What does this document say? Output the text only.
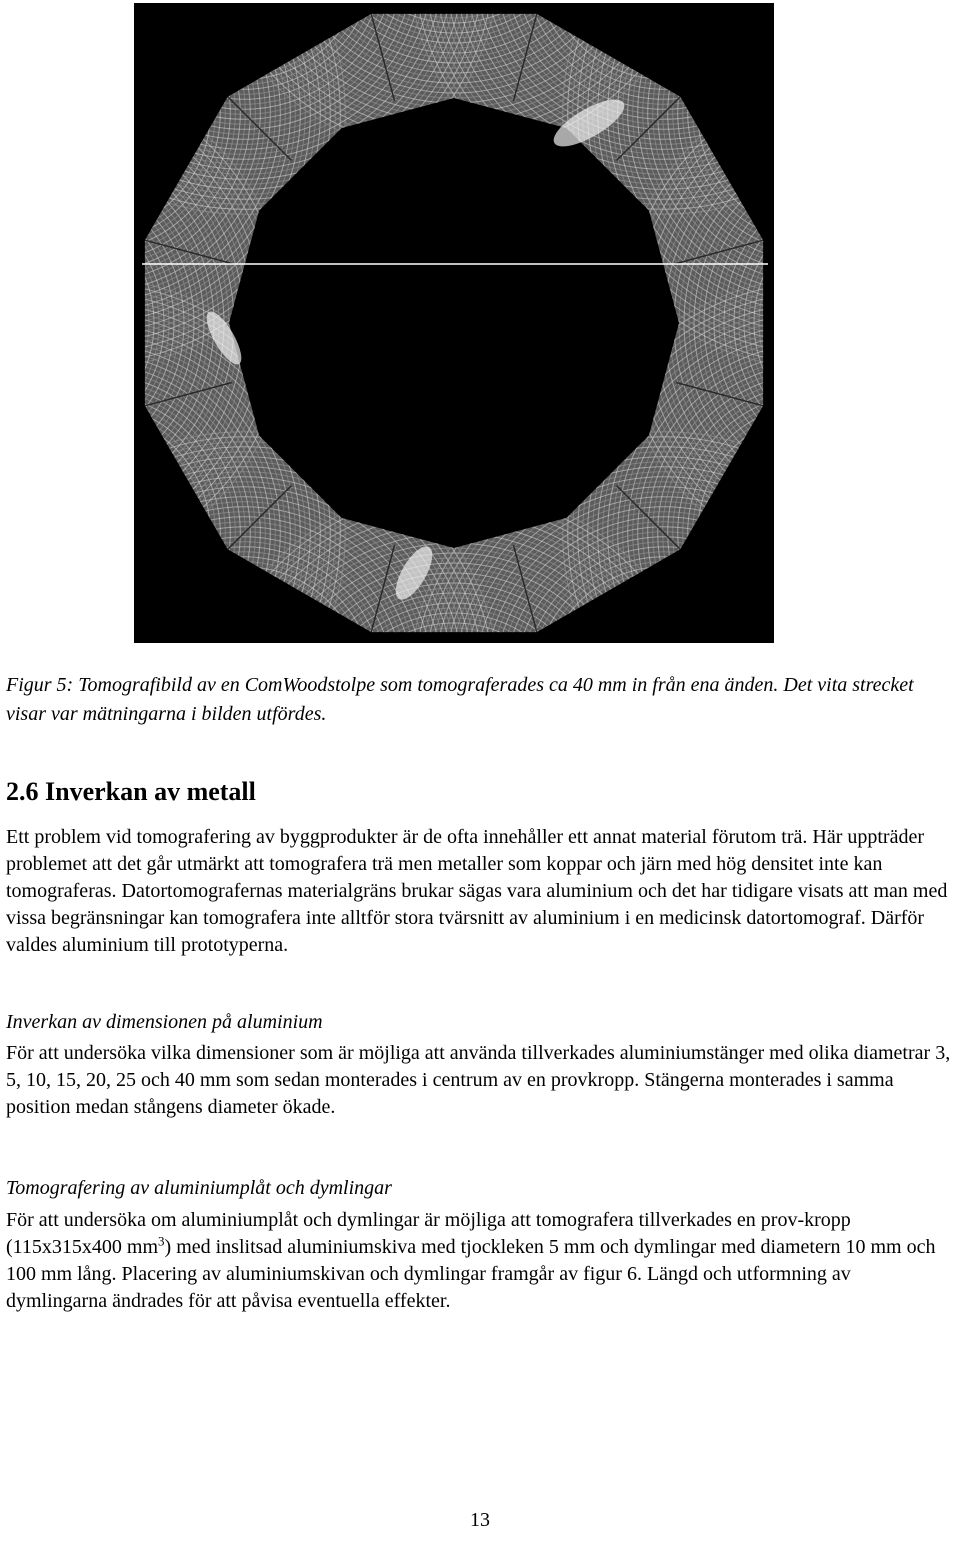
Figur 5: Tomografibild av en ComWoodstolpe som tomograferades ca 40 mm in från ena änden. Det vita strecket visar var mätningarna i bilden utfördes.

2.6 Inverkan av metall

Ett problem vid tomografering av byggprodukter är de ofta innehåller ett annat material förutom trä. Här uppträder problemet att det går utmärkt att tomografera trä men metaller som koppar och järn med hög densitet inte kan tomograferas. Datortomografernas materialgräns brukar sägas vara aluminium och det har tidigare visats att man med vissa begränsningar kan tomografera inte alltför stora tvärsnitt av aluminium i en medicinsk datortomograf. Därför valdes aluminium till prototyperna.

Inverkan av dimensionen på aluminium

För att undersöka vilka dimensioner som är möjliga att använda tillverkades aluminiumstänger med olika diametrar 3, 5, 10, 15, 20, 25 och 40 mm som sedan monterades i centrum av en provkropp. Stängerna monterades i samma position medan stångens diameter ökade.

Tomografering av aluminiumplåt och dymlingar

För att undersöka om aluminiumplåt och dymlingar är möjliga att tomografera tillverkades en prov-kropp (115x315x400 $mm^3$) med inslitsad aluminiumskiva med tjockleken 5 mm och dymlingar med diametern 10 mm och 100 mm lång. Placering av aluminiumskivan och dymlingar framgår av figur 6. Längd och utformning av dymlingarna ändrades för att påvisa eventuella effekter.

13
